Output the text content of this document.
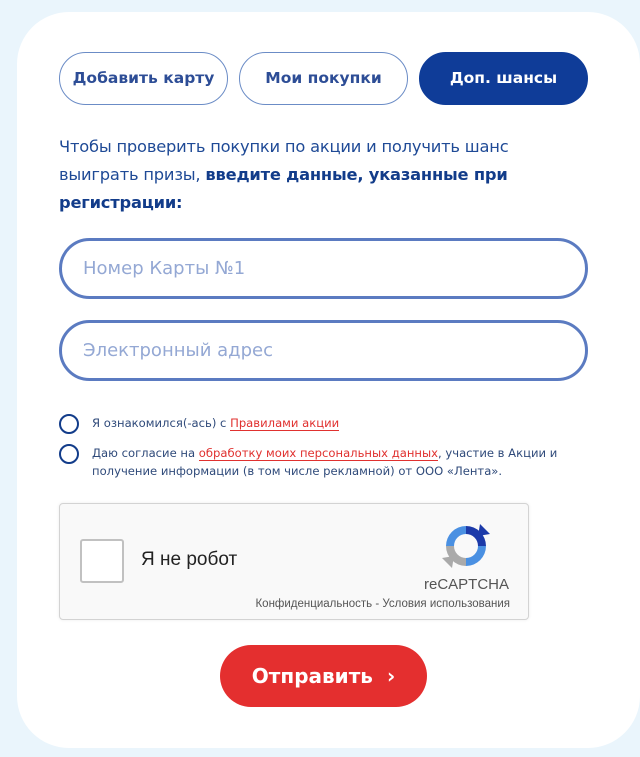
Добавить карту	Мои покупки	Доп. шансы

Чтобы проверить покупки по акции и получить шанс выиграть призы, введите данные, указанные при регистрации:

Номер Карты №1
Электронный адрес
Я ознакомился(-ась) с Правилами акции
Даю согласие на обработку моих персональных данных, участие в Акции и получение информации (в том числе рекламной) от ООО «Лента».
Я не робот
reCAPTCHA
Конфиденциальность - Условия использования
Отправить ›
